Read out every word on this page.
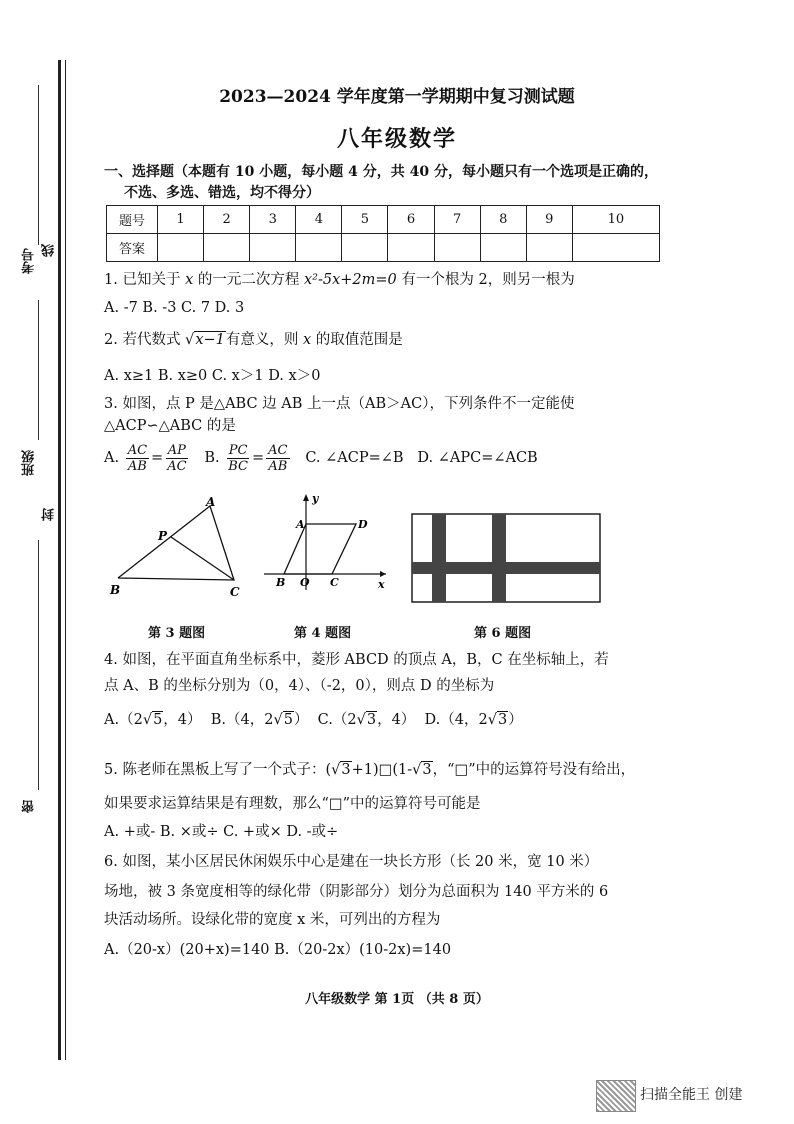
考号 线
班级
封
密
2023—2024 学年度第一学期期中复习测试题
八年级数学
一、选择题（本题有 10 小题，每小题 4 分，共 40 分，每小题只有一个选项是正确的，
不选、多选、错选，均不得分）
题号	1	2	3	4	5	6	7	8	9	10
答案										
1. 已知关于 x 的一元二次方程 x²-5x+2m=0 有一个根为 2，则另一根为
A. -7 B. -3 C. 7 D. 3
2. 若代数式 √x−1有意义，则 x 的取值范围是
A. x≥1 B. x≥0 C. x＞1 D. x＞0
3. 如图，点 P 是△ABC 边 AB 上一点（AB＞AC），下列条件不一定能使
△ACP∽△ABC 的是
A. $\frac{AC}{AB} = \frac{AP}{AC} B$. $\frac{PC}{BC} = \frac{AC}{AB} C$. ∠ACP=∠B D. ∠APC=∠ACB
A
P
B	C
第 3 题图
A	D
B O C	x
y
第 4 题图	第 6 题图
4. 如图，在平面直角坐标系中，菱形 ABCD 的顶点 A，B，C 在坐标轴上，若
点 A、B 的坐标分别为（0，4）、（-2，0），则点 D 的坐标为
A.（2√5，4） B.（4，2√5） C.（2√3，4） D.（4，2√3）
5. 陈老师在黑板上写了一个式子：(√3+1)□(1-√3，“□”中的运算符号没有给出，
如果要求运算结果是有理数，那么“□”中的运算符号可能是
A. +或- B. ×或÷ C. +或× D. -或÷
6. 如图，某小区居民休闲娱乐中心是建在一块长方形（长 20 米，宽 10 米）
场地，被 3 条宽度相等的绿化带（阴影部分）划分为总面积为 140 平方米的 6
块活动场所。设绿化带的宽度 x 米，可列出的方程为
A.（20-x）(20+x)=140 B.（20-2x）(10-2x)=140
八年级数学 第 1页 （共 8 页）
扫描全能王 创建
